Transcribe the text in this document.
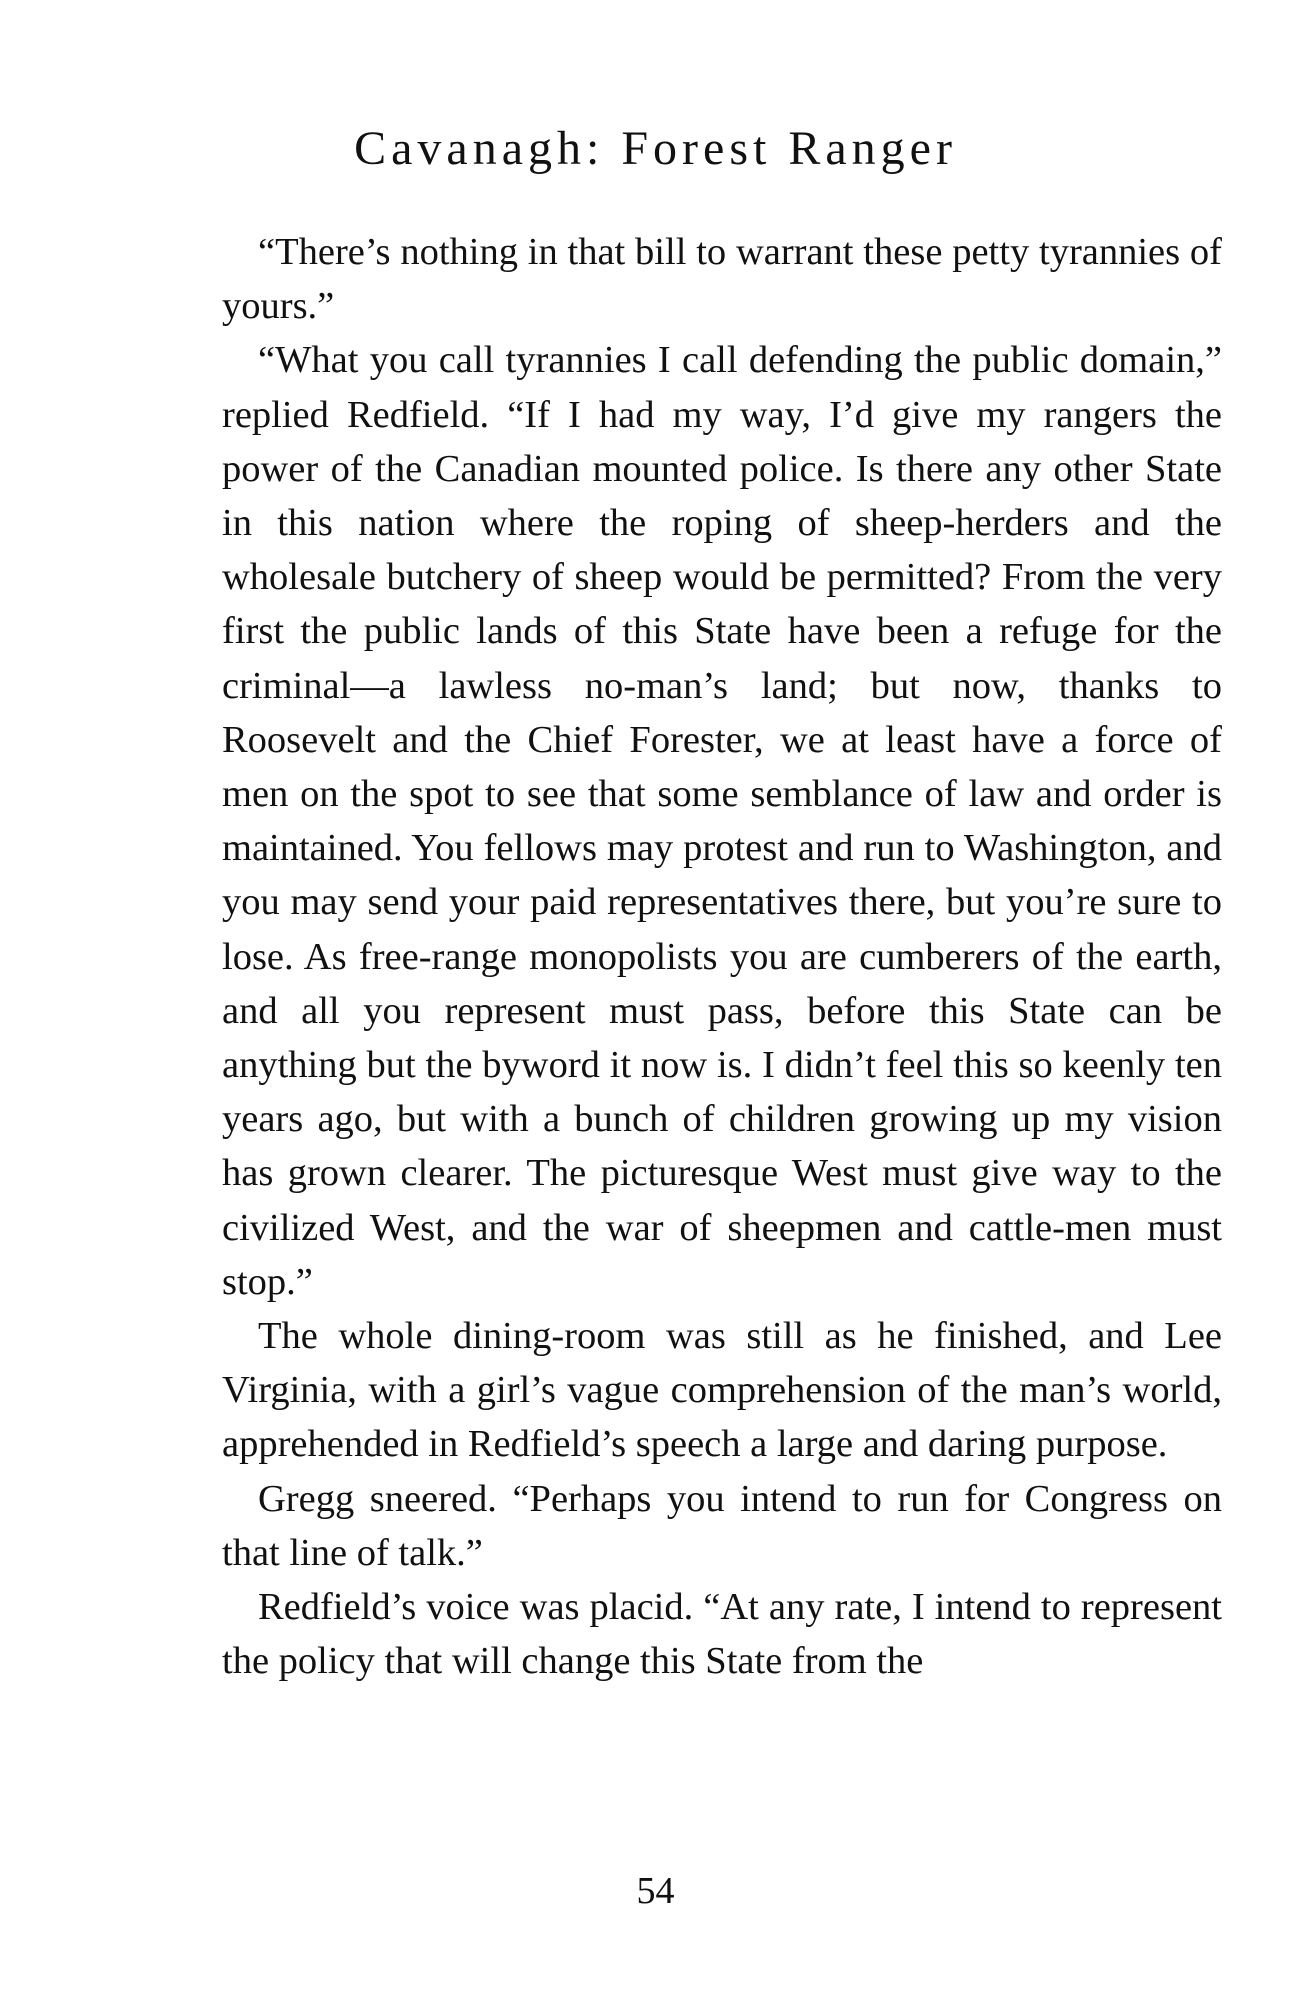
Cavanagh: Forest Ranger

“There’s nothing in that bill to warrant these petty tyrannies of yours.”

“What you call tyrannies I call defending the public domain,” replied Redfield. “If I had my way, I’d give my rangers the power of the Canadian mounted police. Is there any other State in this nation where the roping of sheep-herders and the wholesale butchery of sheep would be permitted? From the very first the public lands of this State have been a refuge for the criminal—a lawless no-man’s land; but now, thanks to Roosevelt and the Chief Forester, we at least have a force of men on the spot to see that some semblance of law and order is maintained. You fellows may protest and run to Washington, and you may send your paid representatives there, but you’re sure to lose. As free-range monopolists you are cumberers of the earth, and all you represent must pass, before this State can be anything but the byword it now is. I didn’t feel this so keenly ten years ago, but with a bunch of children growing up my vision has grown clearer. The picturesque West must give way to the civilized West, and the war of sheepmen and cattle-men must stop.”

The whole dining-room was still as he finished, and Lee Virginia, with a girl’s vague comprehension of the man’s world, apprehended in Redfield’s speech a large and daring purpose.

Gregg sneered. “Perhaps you intend to run for Congress on that line of talk.”

Redfield’s voice was placid. “At any rate, I intend to represent the policy that will change this State from the

54
